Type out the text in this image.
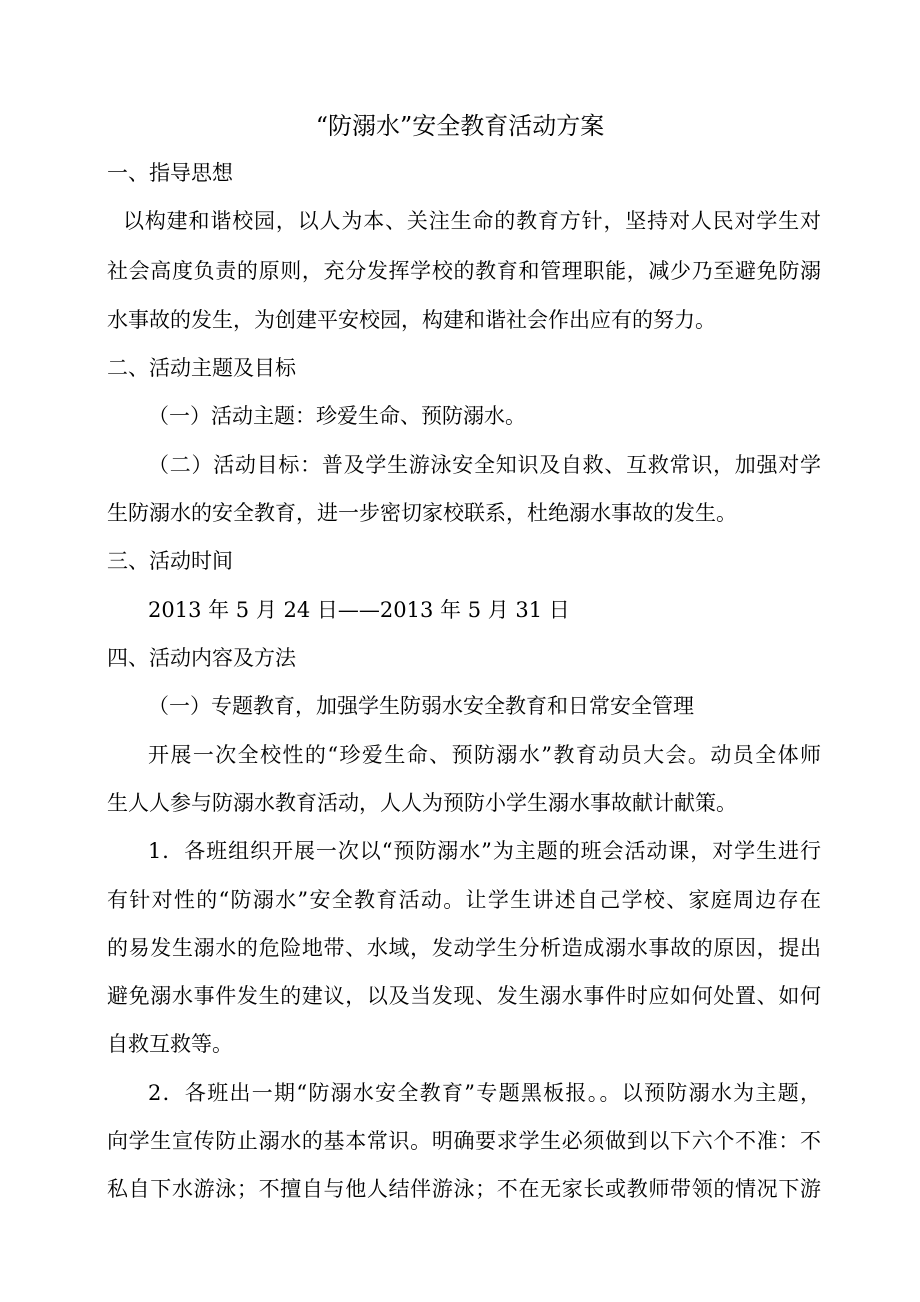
“防溺水”安全教育活动方案
一、指导思想
以构建和谐校园，以人为本、关注生命的教育方针，坚持对人民对学生对
社会高度负责的原则，充分发挥学校的教育和管理职能，减少乃至避免防溺
水事故的发生，为创建平安校园，构建和谐社会作出应有的努力。
二、活动主题及目标
（一）活动主题：珍爱生命、预防溺水。
（二）活动目标：普及学生游泳安全知识及自救、互救常识，加强对学
生防溺水的安全教育，进一步密切家校联系，杜绝溺水事故的发生。
三、活动时间
2013 年 5 月 24 日——2013 年 5 月 31 日
四、活动内容及方法
（一）专题教育，加强学生防弱水安全教育和日常安全管理
开展一次全校性的“珍爱生命、预防溺水”教育动员大会。动员全体师
生人人参与防溺水教育活动，人人为预防小学生溺水事故献计献策。
1．各班组织开展一次以“预防溺水”为主题的班会活动课，对学生进行
有针对性的“防溺水”安全教育活动。让学生讲述自己学校、家庭周边存在
的易发生溺水的危险地带、水域，发动学生分析造成溺水事故的原因，提出
避免溺水事件发生的建议，以及当发现、发生溺水事件时应如何处置、如何
自救互救等。
2．各班出一期“防溺水安全教育”专题黑板报。。以预防溺水为主题，
向学生宣传防止溺水的基本常识。明确要求学生必须做到以下六个不准：不
私自下水游泳；不擅自与他人结伴游泳；不在无家长或教师带领的情况下游
